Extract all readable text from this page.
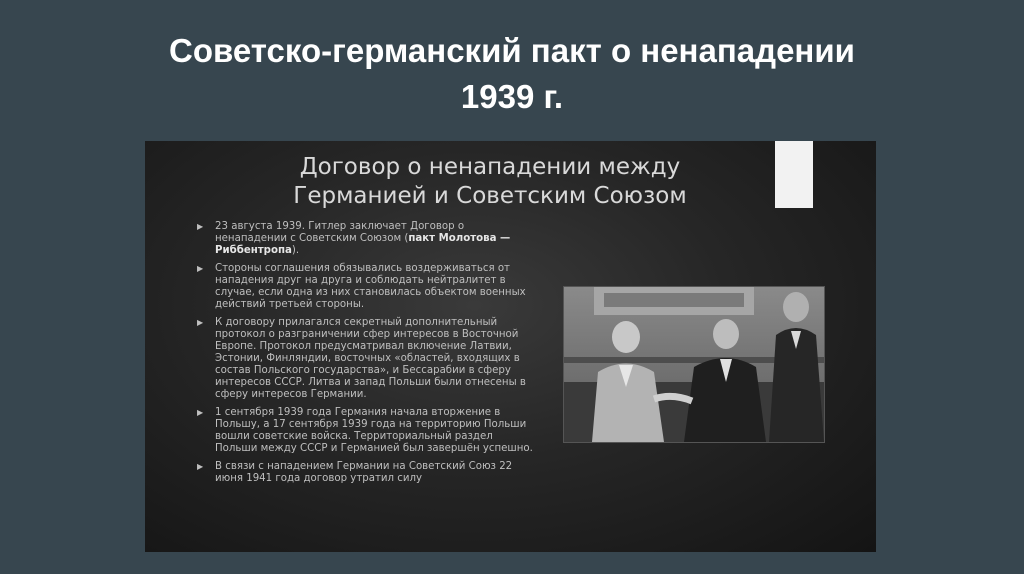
Советско-германский пакт о ненападении
1939 г.
Договор о ненападении между
Германией и Советским Союзом
▶ 23 августа 1939. Гитлер заключает Договор о ненападении с Советским Союзом (пакт Молотова — Риббентропа).
▶ Стороны соглашения обязывались воздерживаться от нападения друг на друга и соблюдать нейтралитет в случае, если одна из них становилась объектом военных действий третьей стороны.
▶ К договору прилагался секретный дополнительный протокол о разграничении сфер интересов в Восточной Европе. Протокол предусматривал включение Латвии, Эстонии, Финляндии, восточных «областей, входящих в состав Польского государства», и Бессарабии в сферу интересов СССР. Литва и запад Польши были отнесены в сферу интересов Германии.
▶ 1 сентября 1939 года Германия начала вторжение в Польшу, а 17 сентября 1939 года на территорию Польши вошли советские войска. Территориальный раздел Польши между СССР и Германией был завершён успешно.
▶ В связи с нападением Германии на Советский Союз 22 июня 1941 года договор утратил силу
